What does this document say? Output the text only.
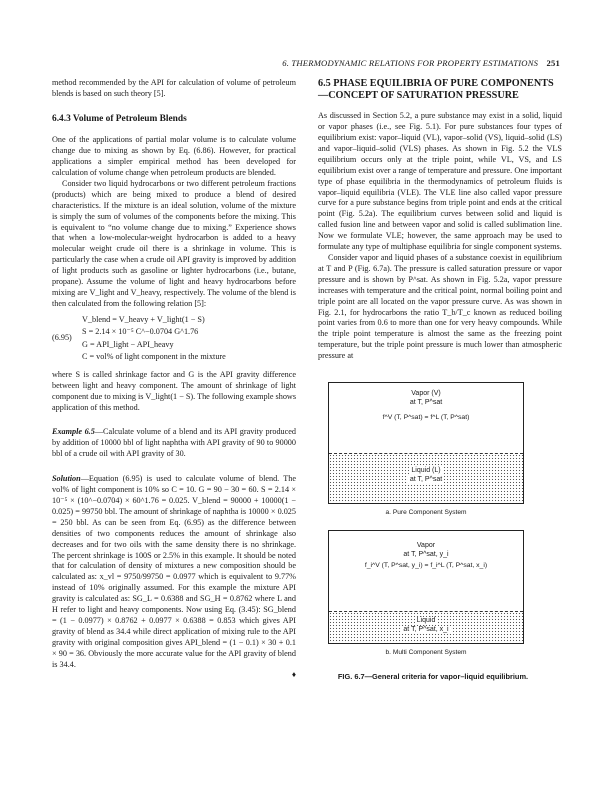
6. THERMODYNAMIC RELATIONS FOR PROPERTY ESTIMATIONS 251

method recommended by the API for calculation of volume of petroleum blends is based on such theory [5].

6.4.3 Volume of Petroleum Blends

One of the applications of partial molar volume is to calculate volume change due to mixing as shown by Eq. (6.86). However, for practical applications a simpler empirical method has been developed for calculation of volume change when petroleum products are blended.

Consider two liquid hydrocarbons or two different petroleum fractions (products) which are being mixed to produce a blend of desired characteristics. If the mixture is an ideal solution, volume of the mixture is simply the sum of volumes of the components before the mixing. This is equivalent to “no volume change due to mixing.” Experience shows that when a low-molecular-weight hydrocarbon is added to a heavy molecular weight crude oil there is a shrinkage in volume. This is particularly the case when a crude oil API gravity is improved by addition of light products such as gasoline or lighter hydrocarbons (i.e., butane, propane). Assume the volume of light and heavy hydrocarbons before mixing are V_light and V_heavy, respectively. The volume of the blend is then calculated from the following relation [5]:

(6.95)
V_blend = V_heavy + V_light(1 − S)
S = 2.14 × 10⁻⁵ C^−0.0704 G^1.76
G = API_light − API_heavy
C = vol% of light component in the mixture

where S is called shrinkage factor and G is the API gravity difference between light and heavy component. The amount of shrinkage of light component due to mixing is V_light(1 − S). The following example shows application of this method.

Example 6.5—Calculate volume of a blend and its API gravity produced by addition of 10000 bbl of light naphtha with API gravity of 90 to 90000 bbl of a crude oil with API gravity of 30.

Solution—Equation (6.95) is used to calculate volume of blend. The vol% of light component is 10% so C = 10. G = 90 − 30 = 60. S = 2.14 × 10⁻⁵ × (10^−0.0704) × 60^1.76 = 0.025. V_blend = 90000 + 10000(1 − 0.025) = 99750 bbl. The amount of shrinkage of naphtha is 10000 × 0.025 = 250 bbl. As can be seen from Eq. (6.95) as the difference between densities of two components reduces the amount of shrinkage also decreases and for two oils with the same density there is no shrinkage. The percent shrinkage is 100S or 2.5% in this example. It should be noted that for calculation of density of mixtures a new composition should be calculated as: x_vl = 9750/99750 = 0.0977 which is equivalent to 9.77% instead of 10% originally assumed. For this example the mixture API gravity is calculated as: SG_L = 0.6388 and SG_H = 0.8762 where L and H refer to light and heavy components. Now using Eq. (3.45): SG_blend = (1 − 0.0977) × 0.8762 + 0.0977 × 0.6388 = 0.853 which gives API gravity of blend as 34.4 while direct application of mixing rule to the API gravity with original composition gives API_blend = (1 − 0.1) × 30 + 0.1 × 90 = 36. Obviously the more accurate value for the API gravity of blend is 34.4.

♦
6.5 PHASE EQUILIBRIA OF PURE COMPONENTS—CONCEPT OF SATURATION PRESSURE

As discussed in Section 5.2, a pure substance may exist in a solid, liquid or vapor phases (i.e., see Fig. 5.1). For pure substances four types of equilibrium exist: vapor–liquid (VL), vapor–solid (VS), liquid–solid (LS) and vapor–liquid–solid (VLS) phases. As shown in Fig. 5.2 the VLS equilibrium occurs only at the triple point, while VL, VS, and LS equilibrium exist over a range of temperature and pressure. One important type of phase equilibria in the thermodynamics of petroleum fluids is vapor–liquid equilibria (VLE). The VLE line also called vapor pressure curve for a pure substance begins from triple point and ends at the critical point (Fig. 5.2a). The equilibrium curves between solid and liquid is called fusion line and between vapor and solid is called sublimation line. Now we formulate VLE; however, the same approach may be used to formulate any type of multiphase equilibria for single component systems.

Consider vapor and liquid phases of a substance coexist in equilibrium at T and P (Fig. 6.7a). The pressure is called saturation pressure or vapor pressure and is shown by P^sat. As shown in Fig. 5.2a, vapor pressure increases with temperature and the critical point, normal boiling point and triple point are all located on the vapor pressure curve. As was shown in Fig. 2.1, for hydrocarbons the ratio T_b/T_c known as reduced boiling point varies from 0.6 to more than one for very heavy compounds. While the triple point temperature is almost the same as the freezing point temperature, but the triple point pressure is much lower than atmospheric pressure at

Vapor (V)
at T, P^sat
f^V (T, P^sat) = f^L (T, P^sat)
Liquid (L)
at T, P^sat
a. Pure Component System
Vapor
at T, P^sat, y_i
f_i^V (T, P^sat, y_i) = f_i^L (T, P^sat, x_i)
Liquid
at T, P^sat, x_i
b. Multi Component System
FIG. 6.7—General criteria for vapor–liquid equilibrium.
